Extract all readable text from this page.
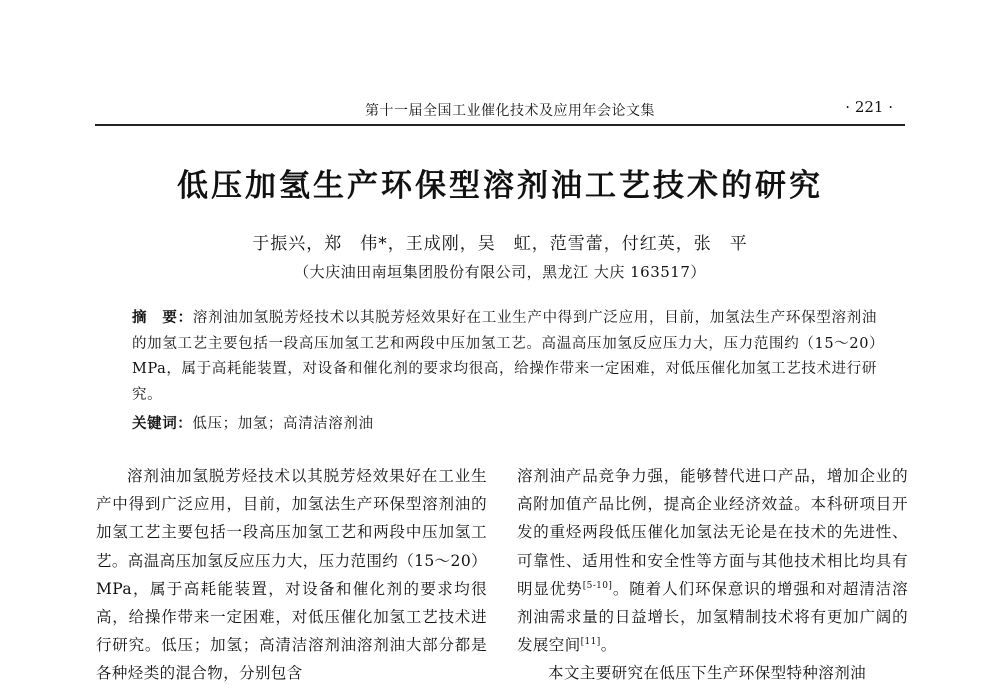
第十一届全国工业催化技术及应用年会论文集	· 221 ·
低压加氢生产环保型溶剂油工艺技术的研究
于振兴，郑　伟*，王成刚，吴　虹，范雪蕾，付红英，张　平
（大庆油田南垣集团股份有限公司，黑龙江 大庆 163517）
摘　要：溶剂油加氢脱芳烃技术以其脱芳烃效果好在工业生产中得到广泛应用，目前，加氢法生产环保型溶剂油的加氢工艺主要包括一段高压加氢工艺和两段中压加氢工艺。高温高压加氢反应压力大，压力范围约（15～20）MPa，属于高耗能装置，对设备和催化剂的要求均很高，给操作带来一定困难，对低压催化加氢工艺技术进行研究。
关键词：低压；加氢；高清洁溶剂油

溶剂油加氢脱芳烃技术以其脱芳烃效果好在工业生产中得到广泛应用，目前，加氢法生产环保型溶剂油的加氢工艺主要包括一段高压加氢工艺和两段中压加氢工艺。高温高压加氢反应压力大，压力范围约（15～20）MPa，属于高耗能装置，对设备和催化剂的要求均很高，给操作带来一定困难，对低压催化加氢工艺技术进行研究。低压；加氢；高清洁溶剂油溶剂油大部分都是各种烃类的混合物，分别包含

溶剂油产品竞争力强，能够替代进口产品，增加企业的高附加值产品比例，提高企业经济效益。本科研项目开发的重烃两段低压催化加氢法无论是在技术的先进性、可靠性、适用性和安全性等方面与其他技术相比均具有明显优势[5-10]。随着人们环保意识的增强和对超清洁溶剂油需求量的日益增长，加氢精制技术将有更加广阔的发展空间[11]。

本文主要研究在低压下生产环保型特种溶剂油
